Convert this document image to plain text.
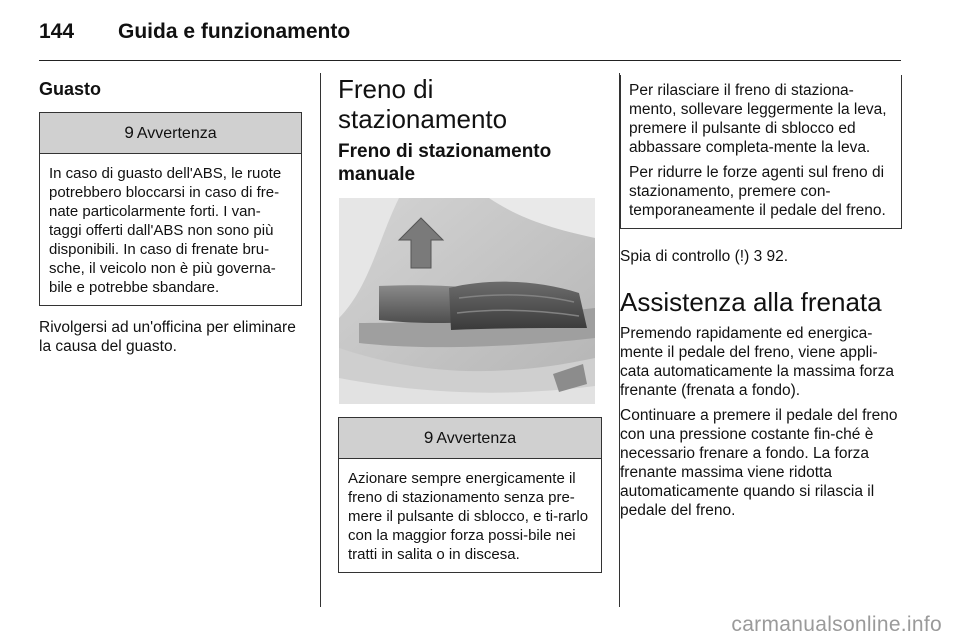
144 Guida e funzionamento
Guasto
9 Avvertenza

In caso di guasto dell'ABS, le ruote potrebbero bloccarsi in caso di fre-nate particolarmente forti. I van-taggi offerti dall'ABS non sono più disponibili. In caso di frenate bru-sche, il veicolo non è più governa-bile e potrebbe sbandare.

Rivolgersi ad un'officina per eliminare la causa del guasto.

Freno di stazionamento
Freno di stazionamento manuale
9 Avvertenza

Azionare sempre energicamente il freno di stazionamento senza pre-mere il pulsante di sblocco, e ti-rarlo con la maggior forza possi-bile nei tratti in salita o in discesa.

Per rilasciare il freno di staziona-mento, sollevare leggermente la leva, premere il pulsante di sblocco ed abbassare completa-mente la leva.

Per ridurre le forze agenti sul freno di stazionamento, premere con-temporaneamente il pedale del freno.

Spia di controllo (!) 3 92.

Assistenza alla frenata

Premendo rapidamente ed energica-mente il pedale del freno, viene appli-cata automaticamente la massima forza frenante (frenata a fondo).

Continuare a premere il pedale del freno con una pressione costante fin-ché è necessario frenare a fondo. La forza frenante massima viene ridotta automaticamente quando si rilascia il pedale del freno.

carmanualsonline.info
